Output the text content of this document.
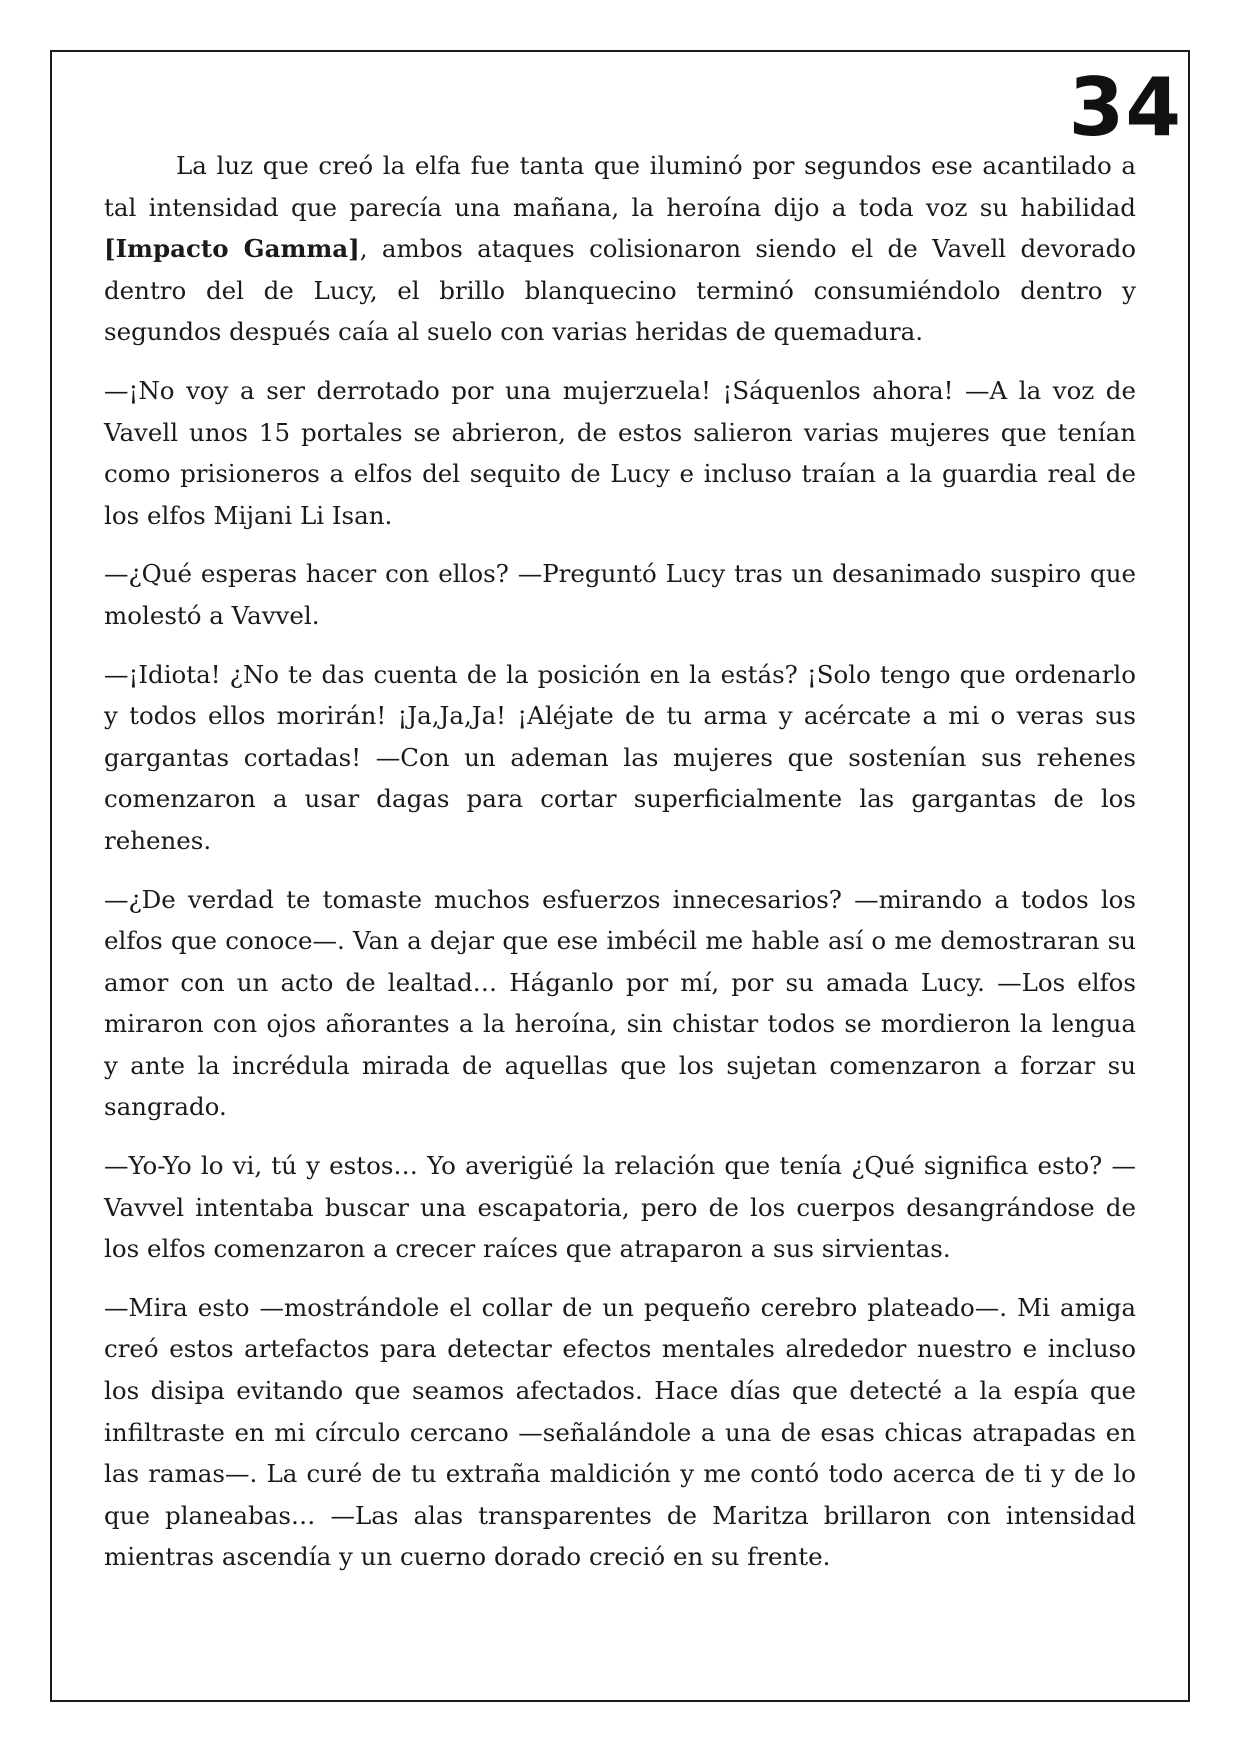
34

La luz que creó la elfa fue tanta que iluminó por segundos ese acantilado a tal intensidad que parecía una mañana, la heroína dijo a toda voz su habilidad [Impacto Gamma], ambos ataques colisionaron siendo el de Vavell devorado dentro del de Lucy, el brillo blanquecino terminó consumiéndolo dentro y segundos después caía al suelo con varias heridas de quemadura.

—¡No voy a ser derrotado por una mujerzuela! ¡Sáquenlos ahora! —A la voz de Vavell unos 15 portales se abrieron, de estos salieron varias mujeres que tenían como prisioneros a elfos del sequito de Lucy e incluso traían a la guardia real de los elfos Mijani Li Isan.

—¿Qué esperas hacer con ellos? —Preguntó Lucy tras un desanimado suspiro que molestó a Vavvel.

—¡Idiota! ¿No te das cuenta de la posición en la estás? ¡Solo tengo que ordenarlo y todos ellos morirán! ¡Ja,Ja,Ja! ¡Aléjate de tu arma y acércate a mi o veras sus gargantas cortadas! —Con un ademan las mujeres que sostenían sus rehenes comenzaron a usar dagas para cortar superficialmente las gargantas de los rehenes.

—¿De verdad te tomaste muchos esfuerzos innecesarios? —mirando a todos los elfos que conoce—. Van a dejar que ese imbécil me hable así o me demostraran su amor con un acto de lealtad… Háganlo por mí, por su amada Lucy. —Los elfos miraron con ojos añorantes a la heroína, sin chistar todos se mordieron la lengua y ante la incrédula mirada de aquellas que los sujetan comenzaron a forzar su sangrado.

—Yo-Yo lo vi, tú y estos… Yo averigüé la relación que tenía ¿Qué significa esto? —Vavvel intentaba buscar una escapatoria, pero de los cuerpos desangrándose de los elfos comenzaron a crecer raíces que atraparon a sus sirvientas.

—Mira esto —mostrándole el collar de un pequeño cerebro plateado—. Mi amiga creó estos artefactos para detectar efectos mentales alrededor nuestro e incluso los disipa evitando que seamos afectados. Hace días que detecté a la espía que infiltraste en mi círculo cercano —señalándole a una de esas chicas atrapadas en las ramas—. La curé de tu extraña maldición y me contó todo acerca de ti y de lo que planeabas… —Las alas transparentes de Maritza brillaron con intensidad mientras ascendía y un cuerno dorado creció en su frente.
